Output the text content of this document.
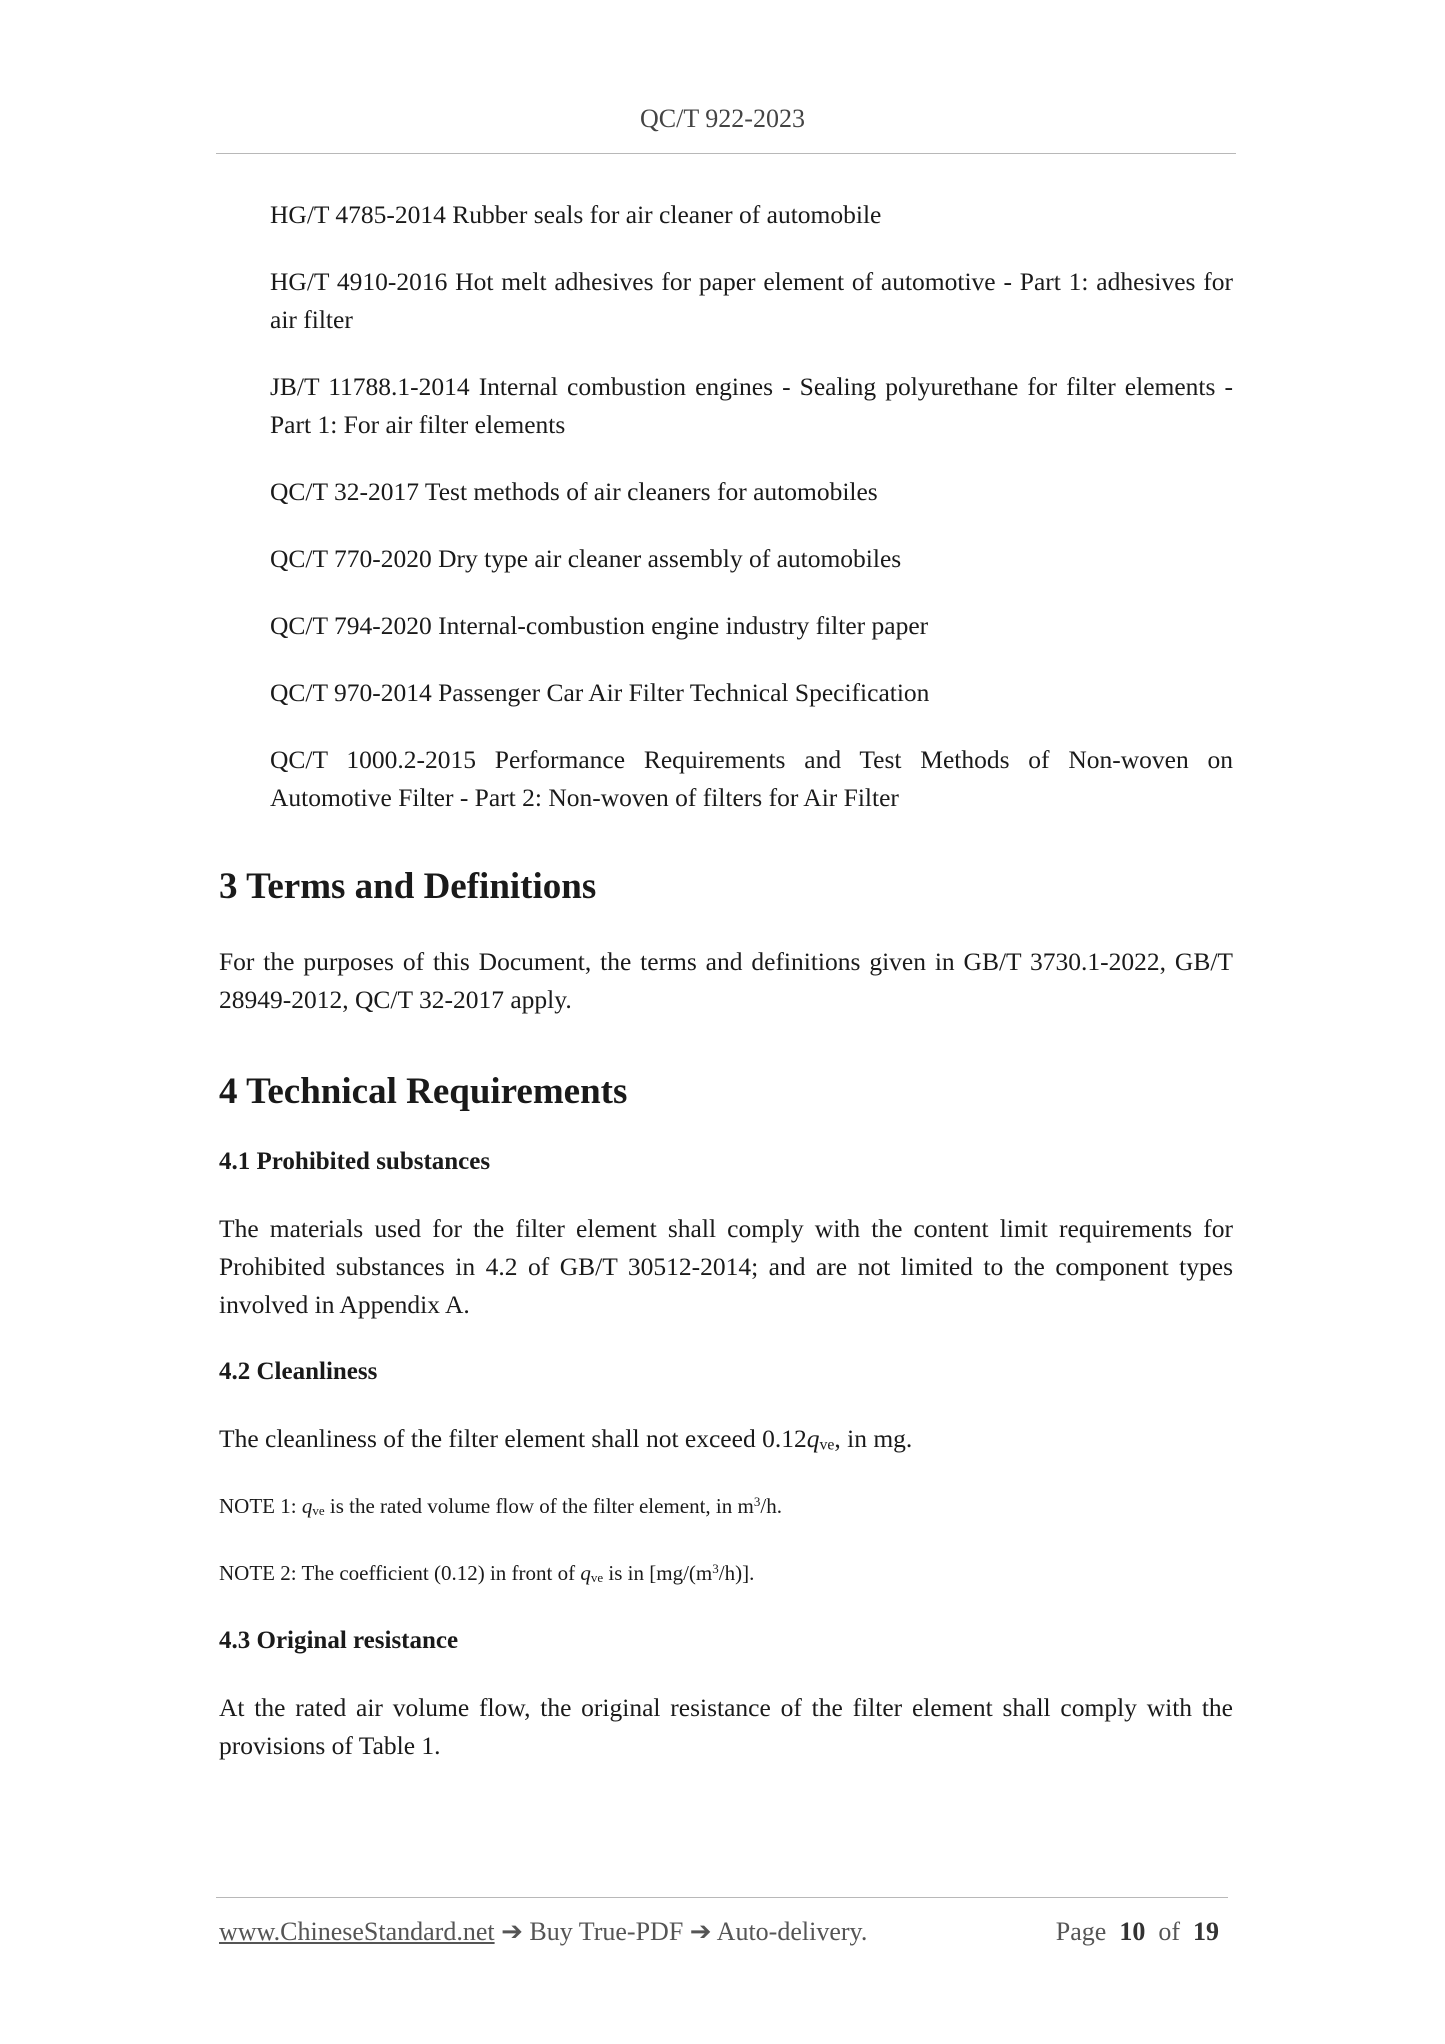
QC/T 922-2023

HG/T 4785-2014 Rubber seals for air cleaner of automobile

HG/T 4910-2016 Hot melt adhesives for paper element of automotive - Part 1: adhesives for air filter

JB/T 11788.1-2014 Internal combustion engines - Sealing polyurethane for filter elements - Part 1: For air filter elements

QC/T 32-2017 Test methods of air cleaners for automobiles

QC/T 770-2020 Dry type air cleaner assembly of automobiles

QC/T 794-2020 Internal-combustion engine industry filter paper

QC/T 970-2014 Passenger Car Air Filter Technical Specification

QC/T 1000.2-2015 Performance Requirements and Test Methods of Non-woven on Automotive Filter - Part 2: Non-woven of filters for Air Filter

3 Terms and Definitions

For the purposes of this Document, the terms and definitions given in GB/T 3730.1-2022, GB/T 28949-2012, QC/T 32-2017 apply.

4 Technical Requirements
4.1 Prohibited substances

The materials used for the filter element shall comply with the content limit requirements for Prohibited substances in 4.2 of GB/T 30512-2014; and are not limited to the component types involved in Appendix A.

4.2 Cleanliness

The cleanliness of the filter element shall not exceed $0.12q_{ve}$, in mg.

NOTE 1: $q_{ve}$ is the rated volume flow of the filter element, in $m^3/h$.

NOTE 2: The coefficient (0.12) in front of $q_{ve}$ is in $[mg/(m^3/h)]$.

4.3 Original resistance

At the rated air volume flow, the original resistance of the filter element shall comply with the provisions of Table 1.

www.ChineseStandard.net ➔ Buy True-PDF ➔ Auto-delivery.	Page 10 of 19
